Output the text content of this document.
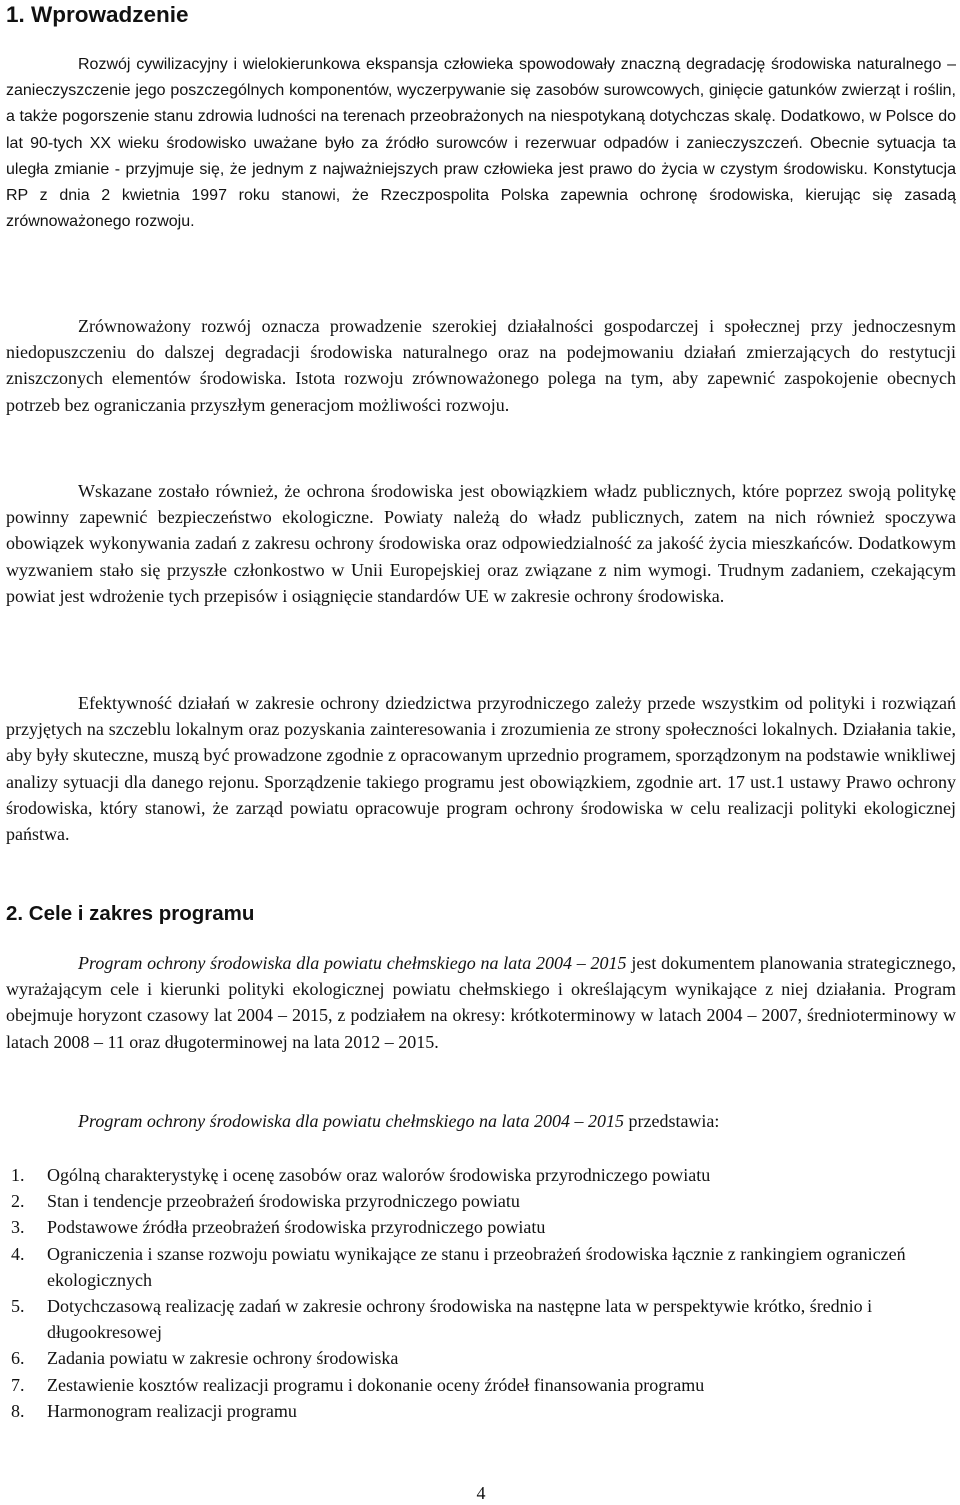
1. Wprowadzenie

Rozwój cywilizacyjny i wielokierunkowa ekspansja człowieka spowodowały znaczną degradację środowiska naturalnego – zanieczyszczenie jego poszczególnych komponentów, wyczerpywanie się zasobów surowcowych, ginięcie gatunków zwierząt i roślin, a także pogorszenie stanu zdrowia ludności na terenach przeobrażonych na niespotykaną dotychczas skalę. Dodatkowo, w Polsce do lat 90-tych XX wieku środowisko uważane było za źródło surowców i rezerwuar odpadów i zanieczyszczeń. Obecnie sytuacja ta uległa zmianie - przyjmuje się, że jednym z najważniejszych praw człowieka jest prawo do życia w czystym środowisku. Konstytucja RP z dnia 2 kwietnia 1997 roku stanowi, że Rzeczpospolita Polska zapewnia ochronę środowiska, kierując się zasadą zrównoważonego rozwoju.

Zrównoważony rozwój oznacza prowadzenie szerokiej działalności gospodarczej i społecznej przy jednoczesnym niedopuszczeniu do dalszej degradacji środowiska naturalnego oraz na podejmowaniu działań zmierzających do restytucji zniszczonych elementów środowiska. Istota rozwoju zrównoważonego polega na tym, aby zapewnić zaspokojenie obecnych potrzeb bez ograniczania przyszłym generacjom możliwości rozwoju.

Wskazane zostało również, że ochrona środowiska jest obowiązkiem władz publicznych, które poprzez swoją politykę powinny zapewnić bezpieczeństwo ekologiczne. Powiaty należą do władz publicznych, zatem na nich również spoczywa obowiązek wykonywania zadań z zakresu ochrony środowiska oraz odpowiedzialność za jakość życia mieszkańców. Dodatkowym wyzwaniem stało się przyszłe członkostwo w Unii Europejskiej oraz związane z nim wymogi. Trudnym zadaniem, czekającym powiat jest wdrożenie tych przepisów i osiągnięcie standardów UE w zakresie ochrony środowiska.

Efektywność działań w zakresie ochrony dziedzictwa przyrodniczego zależy przede wszystkim od polityki i rozwiązań przyjętych na szczeblu lokalnym oraz pozyskania zainteresowania i zrozumienia ze strony społeczności lokalnych. Działania takie, aby były skuteczne, muszą być prowadzone zgodnie z opracowanym uprzednio programem, sporządzonym na podstawie wnikliwej analizy sytuacji dla danego rejonu. Sporządzenie takiego programu jest obowiązkiem, zgodnie art. 17 ust.1 ustawy Prawo ochrony środowiska, który stanowi, że zarząd powiatu opracowuje program ochrony środowiska w celu realizacji polityki ekologicznej państwa.

2. Cele i zakres programu

Program ochrony środowiska dla powiatu chełmskiego na lata 2004 – 2015 jest dokumentem planowania strategicznego, wyrażającym cele i kierunki polityki ekologicznej powiatu chełmskiego i określającym wynikające z niej działania. Program obejmuje horyzont czasowy lat 2004 – 2015, z podziałem na okresy: krótkoterminowy w latach 2004 – 2007, średnioterminowy w latach 2008 – 11 oraz długoterminowej na lata 2012 – 2015.

Program ochrony środowiska dla powiatu chełmskiego na lata 2004 – 2015 przedstawia:

1. Ogólną charakterystykę i ocenę zasobów oraz walorów środowiska przyrodniczego powiatu
2. Stan i tendencje przeobrażeń środowiska przyrodniczego powiatu
3. Podstawowe źródła przeobrażeń środowiska przyrodniczego powiatu
4. Ograniczenia i szanse rozwoju powiatu wynikające ze stanu i przeobrażeń środowiska łącznie z rankingiem ograniczeń ekologicznych
5. Dotychczasową realizację zadań w zakresie ochrony środowiska na następne lata w perspektywie krótko, średnio i długookresowej
6. Zadania powiatu w zakresie ochrony środowiska
7. Zestawienie kosztów realizacji programu i dokonanie oceny źródeł finansowania programu
8. Harmonogram realizacji programu
4
